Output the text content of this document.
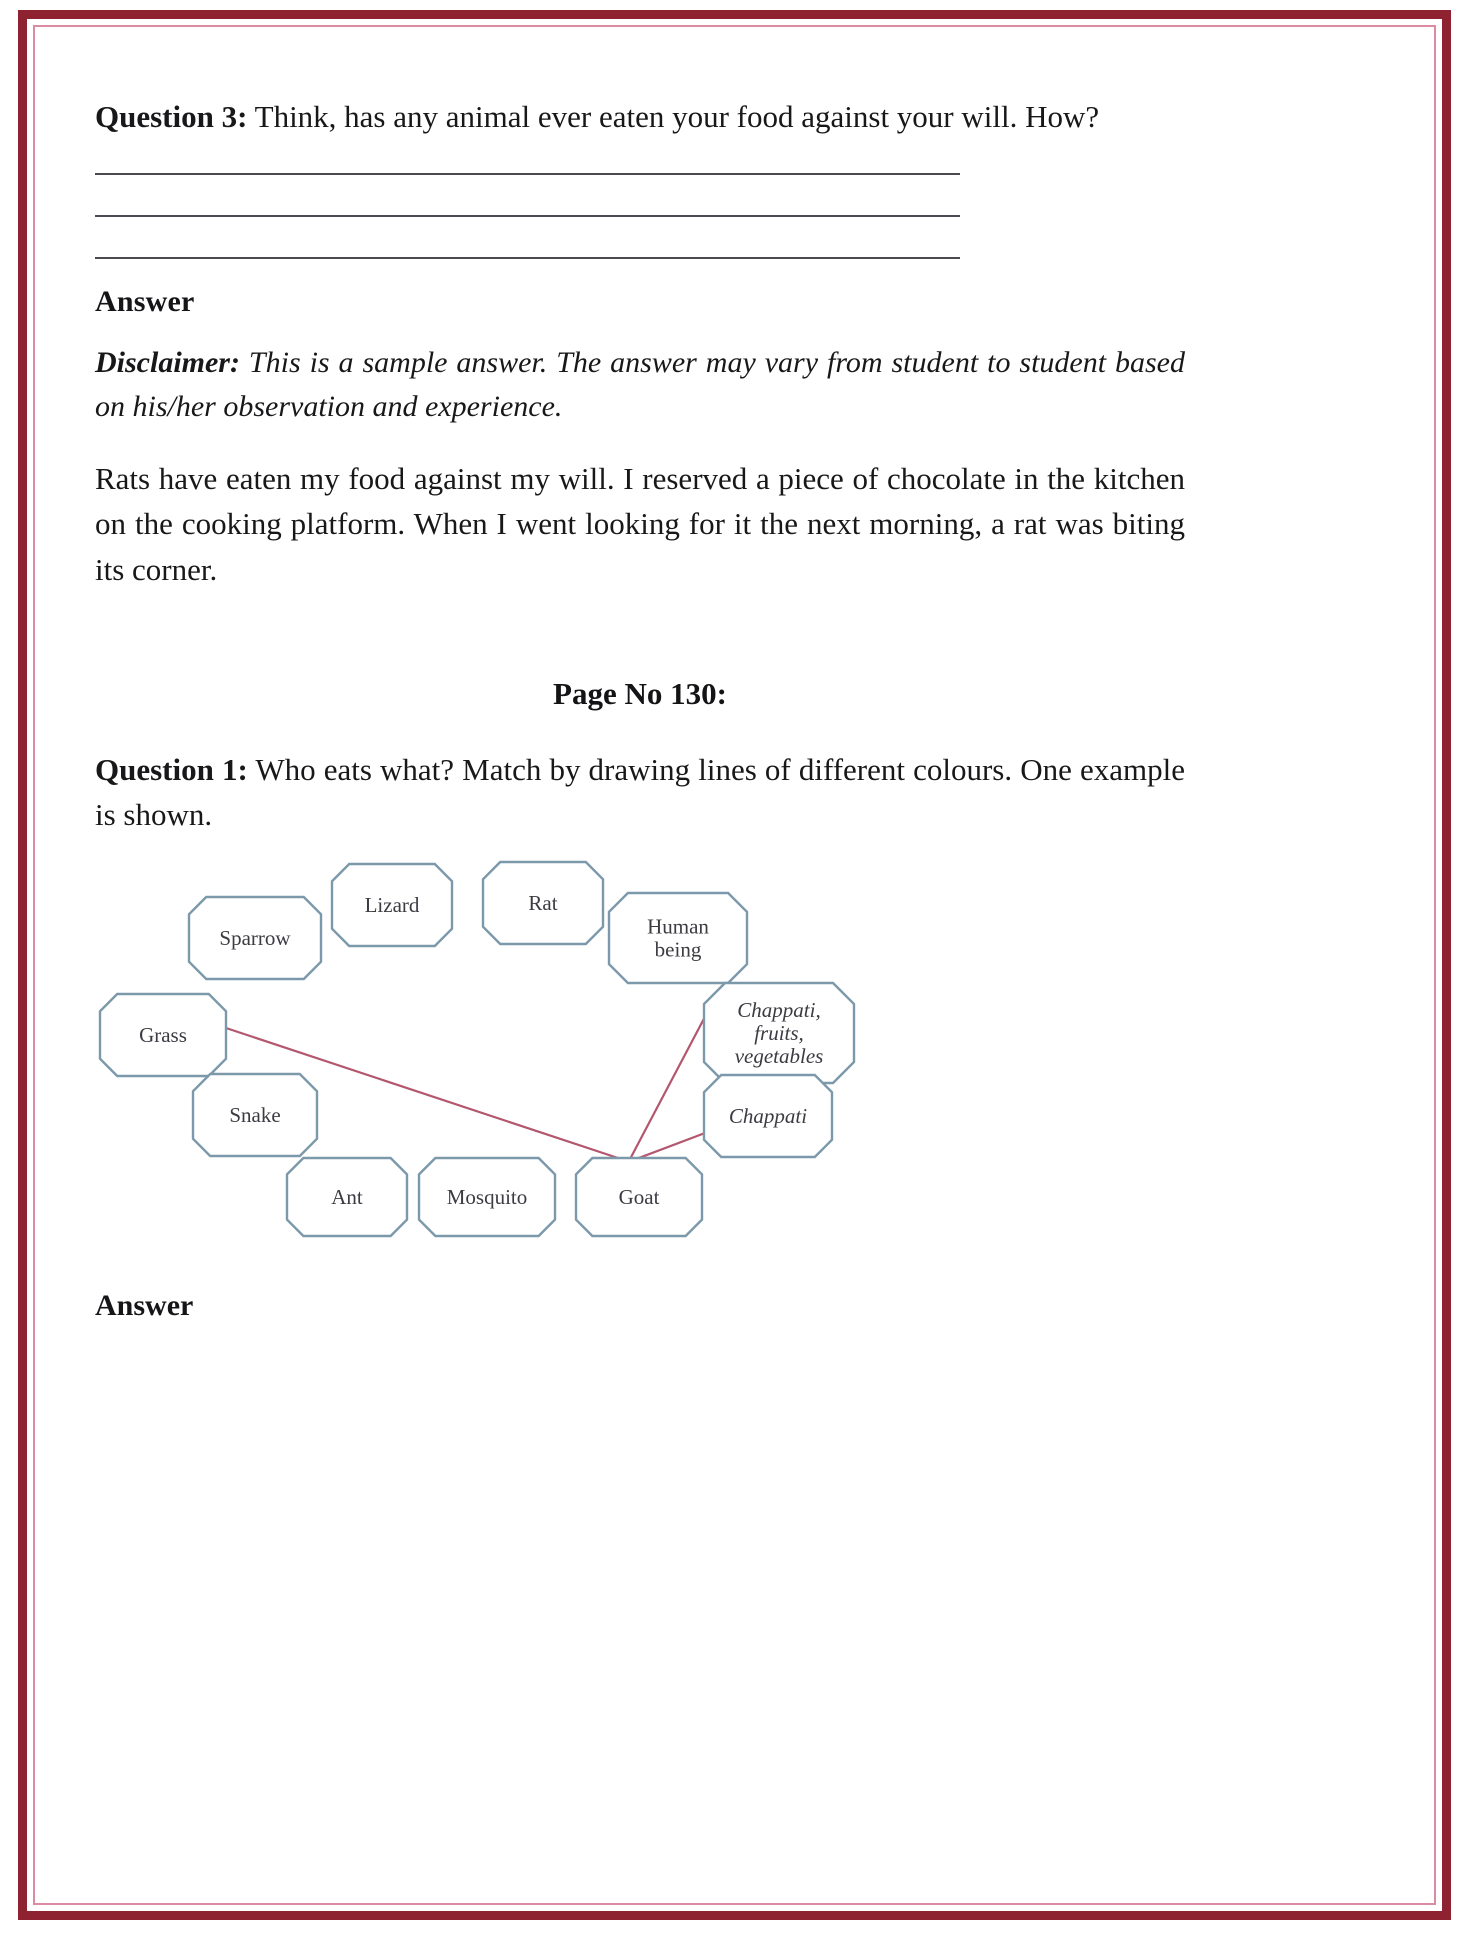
Question 3: Think, has any animal ever eaten your food against your will. How?

Answer

Disclaimer: This is a sample answer. The answer may vary from student to student based on his/her observation and experience.

Rats have eaten my food against my will. I reserved a piece of chocolate in the kitchen on the cooking platform. When I went looking for it the next morning, a rat was biting its corner.

Page No 130:

Question 1: Who eats what? Match by drawing lines of different colours. One example is shown.

Sparrow
Lizard	Rat
Human
being
Grass
Chappati,
fruits,
vegetables
Snake	Chappati
Ant	Mosquito	Goat
Answer
